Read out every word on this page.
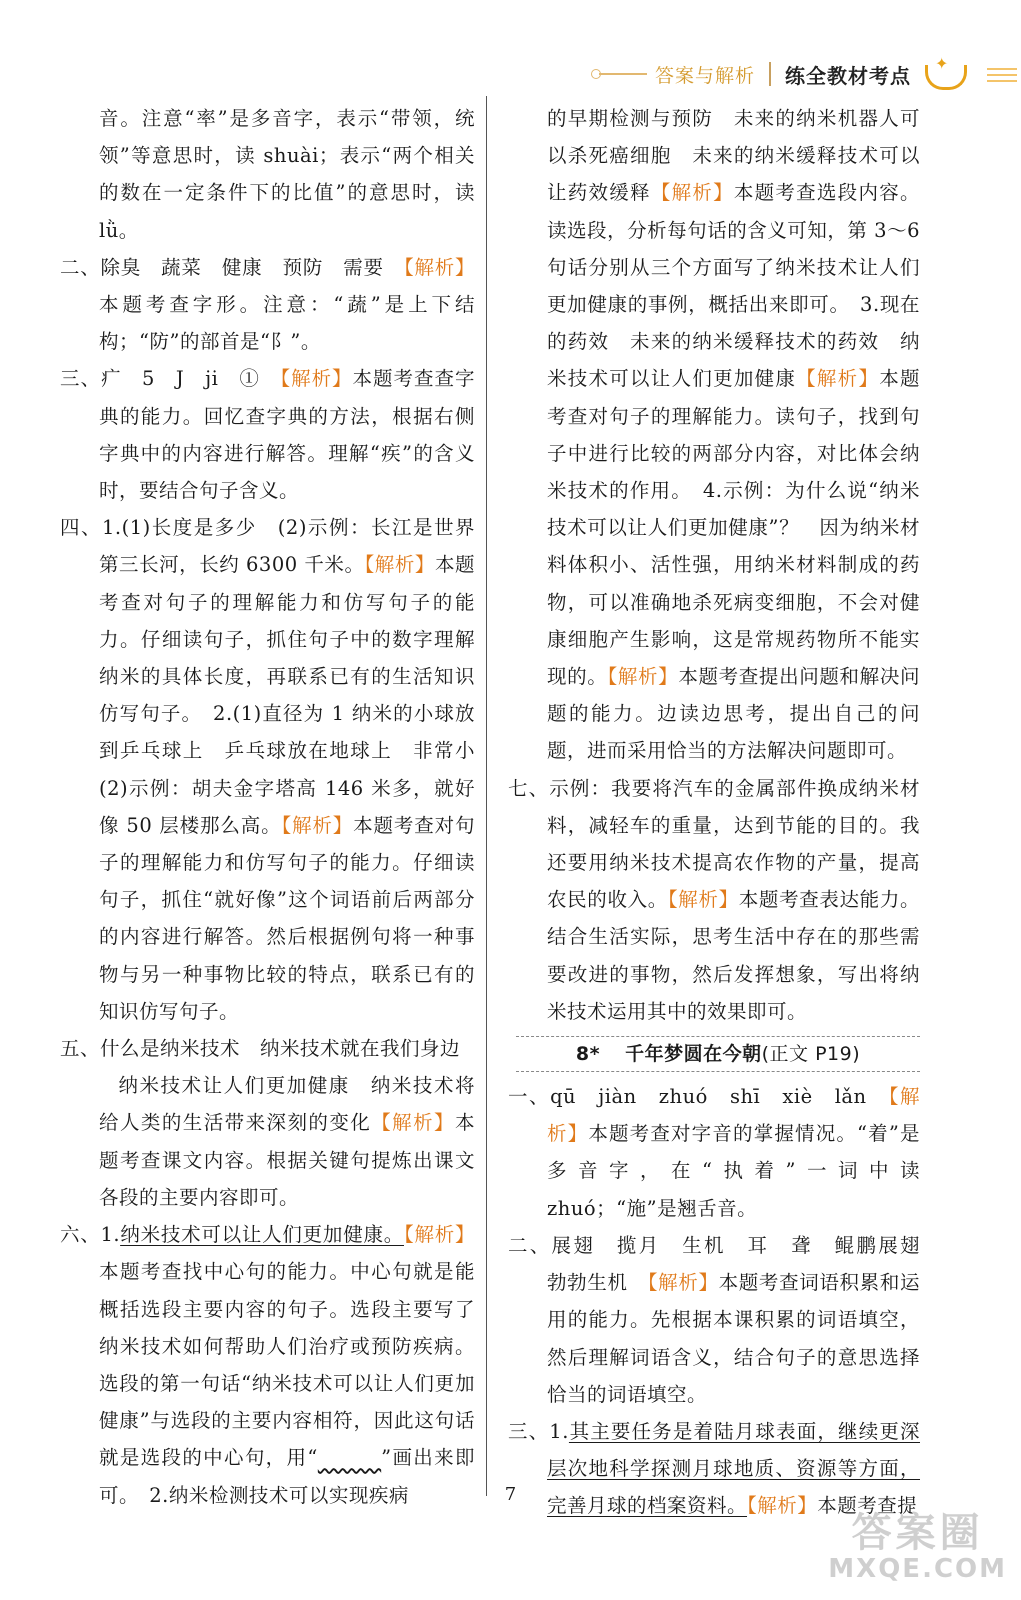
答案与解析 练全教材考点 ✦

音。注意“率”是多音字，表示“带领，统领”等意思时，读 shuài；表示“两个相关的数在一定条件下的比值”的意思时，读 lǜ。

二、除臭　蔬菜　健康　预防　需要　【解析】本题考查字形。注意：“蔬”是上下结构；“防”的部首是“阝”。

三、疒　5　J　ji　①　【解析】本题考查查字典的能力。回忆查字典的方法，根据右侧字典中的内容进行解答。理解“疾”的含义时，要结合句子含义。

四、1.(1)长度是多少　(2)示例：长江是世界第三长河，长约 6300 千米。【解析】本题考查对句子的理解能力和仿写句子的能力。仔细读句子，抓住句子中的数字理解纳米的具体长度，再联系已有的生活知识仿写句子。　2.(1)直径为 1 纳米的小球放到乒乓球上　乒乓球放在地球上　非常小　(2)示例：胡夫金字塔高 146 米多，就好像 50 层楼那么高。【解析】本题考查对句子的理解能力和仿写句子的能力。仔细读句子，抓住“就好像”这个词语前后两部分的内容进行解答。然后根据例句将一种事物与另一种事物比较的特点，联系已有的知识仿写句子。

五、什么是纳米技术　纳米技术就在我们身边
纳米技术让人们更加健康　纳米技术将给人类的生活带来深刻的变化【解析】本题考查课文内容。根据关键句提炼出课文各段的主要内容即可。

六、1.纳米技术可以让人们更加健康。【解析】本题考查找中心句的能力。中心句就是能概括选段主要内容的句子。选段主要写了纳米技术如何帮助人们治疗或预防疾病。选段的第一句话“纳米技术可以让人们更加健康”与选段的主要内容相符，因此这句话就是选段的中心句，用“　　　	”画出来即可。　2.纳米检测技术可以实现疾病

的早期检测与预防　未来的纳米机器人可以杀死癌细胞　未来的纳米缓释技术可以让药效缓释【解析】本题考查选段内容。读选段，分析每句话的含义可知，第 3～6 句话分别从三个方面写了纳米技术让人们更加健康的事例，概括出来即可。　3.现在的药效　未来的纳米缓释技术的药效　纳米技术可以让人们更加健康【解析】本题考查对句子的理解能力。读句子，找到句子中进行比较的两部分内容，对比体会纳米技术的作用。　4.示例：为什么说“纳米技术可以让人们更加健康”？　因为纳米材料体积小、活性强，用纳米材料制成的药物，可以准确地杀死病变细胞，不会对健康细胞产生影响，这是常规药物所不能实现的。【解析】本题考查提出问题和解决问题的能力。边读边思考，提出自己的问题，进而采用恰当的方法解决问题即可。

七、示例：我要将汽车的金属部件换成纳米材料，减轻车的重量，达到节能的目的。我还要用纳米技术提高农作物的产量，提高农民的收入。【解析】本题考查表达能力。结合生活实际，思考生活中存在的那些需要改进的事物，然后发挥想象，写出将纳米技术运用其中的效果即可。

8* 千年梦圆在今朝(正文 P19)

一、qū　jiàn　zhuó　shī　xiè　lǎn　【解析】本题考查对字音的掌握情况。“着”是多音字，在“执着”一词中读 zhuó；“施”是翘舌音。

二、展翅　揽月　生机　耳　聋　鲲鹏展翅　勃勃生机　【解析】本题考查词语积累和运用的能力。先根据本课积累的词语填空，然后理解词语含义，结合句子的意思选择恰当的词语填空。

三、1.其主要任务是着陆月球表面，继续更深层次地科学探测月球地质、资源等方面，完善月球的档案资料。【解析】本题考查提

7
答案圈
MXQE.COM
